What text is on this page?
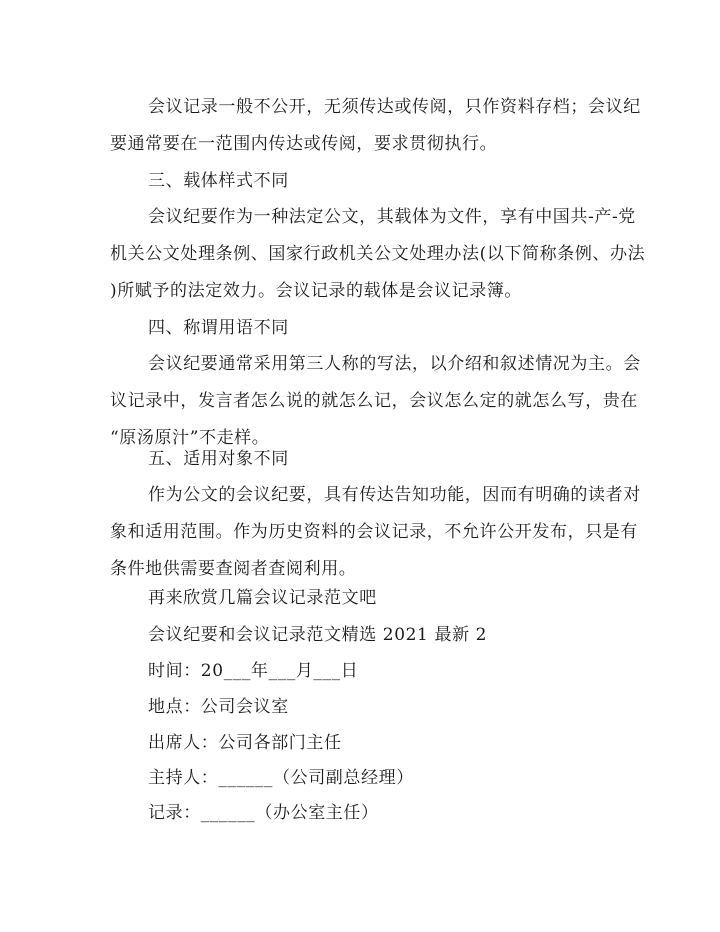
会议记录一般不公开，无须传达或传阅，只作资料存档；会议纪
要通常要在一范围内传达或传阅，要求贯彻执行。
三、载体样式不同
会议纪要作为一种法定公文，其载体为文件，享有中国共-产-党
机关公文处理条例、国家行政机关公文处理办法(以下简称条例、办法
)所赋予的法定效力。会议记录的载体是会议记录簿。
四、称谓用语不同
会议纪要通常采用第三人称的写法，以介绍和叙述情况为主。会
议记录中，发言者怎么说的就怎么记，会议怎么定的就怎么写，贵在
“原汤原汁”不走样。
五、适用对象不同
作为公文的会议纪要，具有传达告知功能，因而有明确的读者对
象和适用范围。作为历史资料的会议记录，不允许公开发布，只是有
条件地供需要查阅者查阅利用。
再来欣赏几篇会议记录范文吧
会议纪要和会议记录范文精选 2021 最新 2
时间：20___年___月___日
地点：公司会议室
出席人：公司各部门主任
主持人：______（公司副总经理）
记录：______（办公室主任）
